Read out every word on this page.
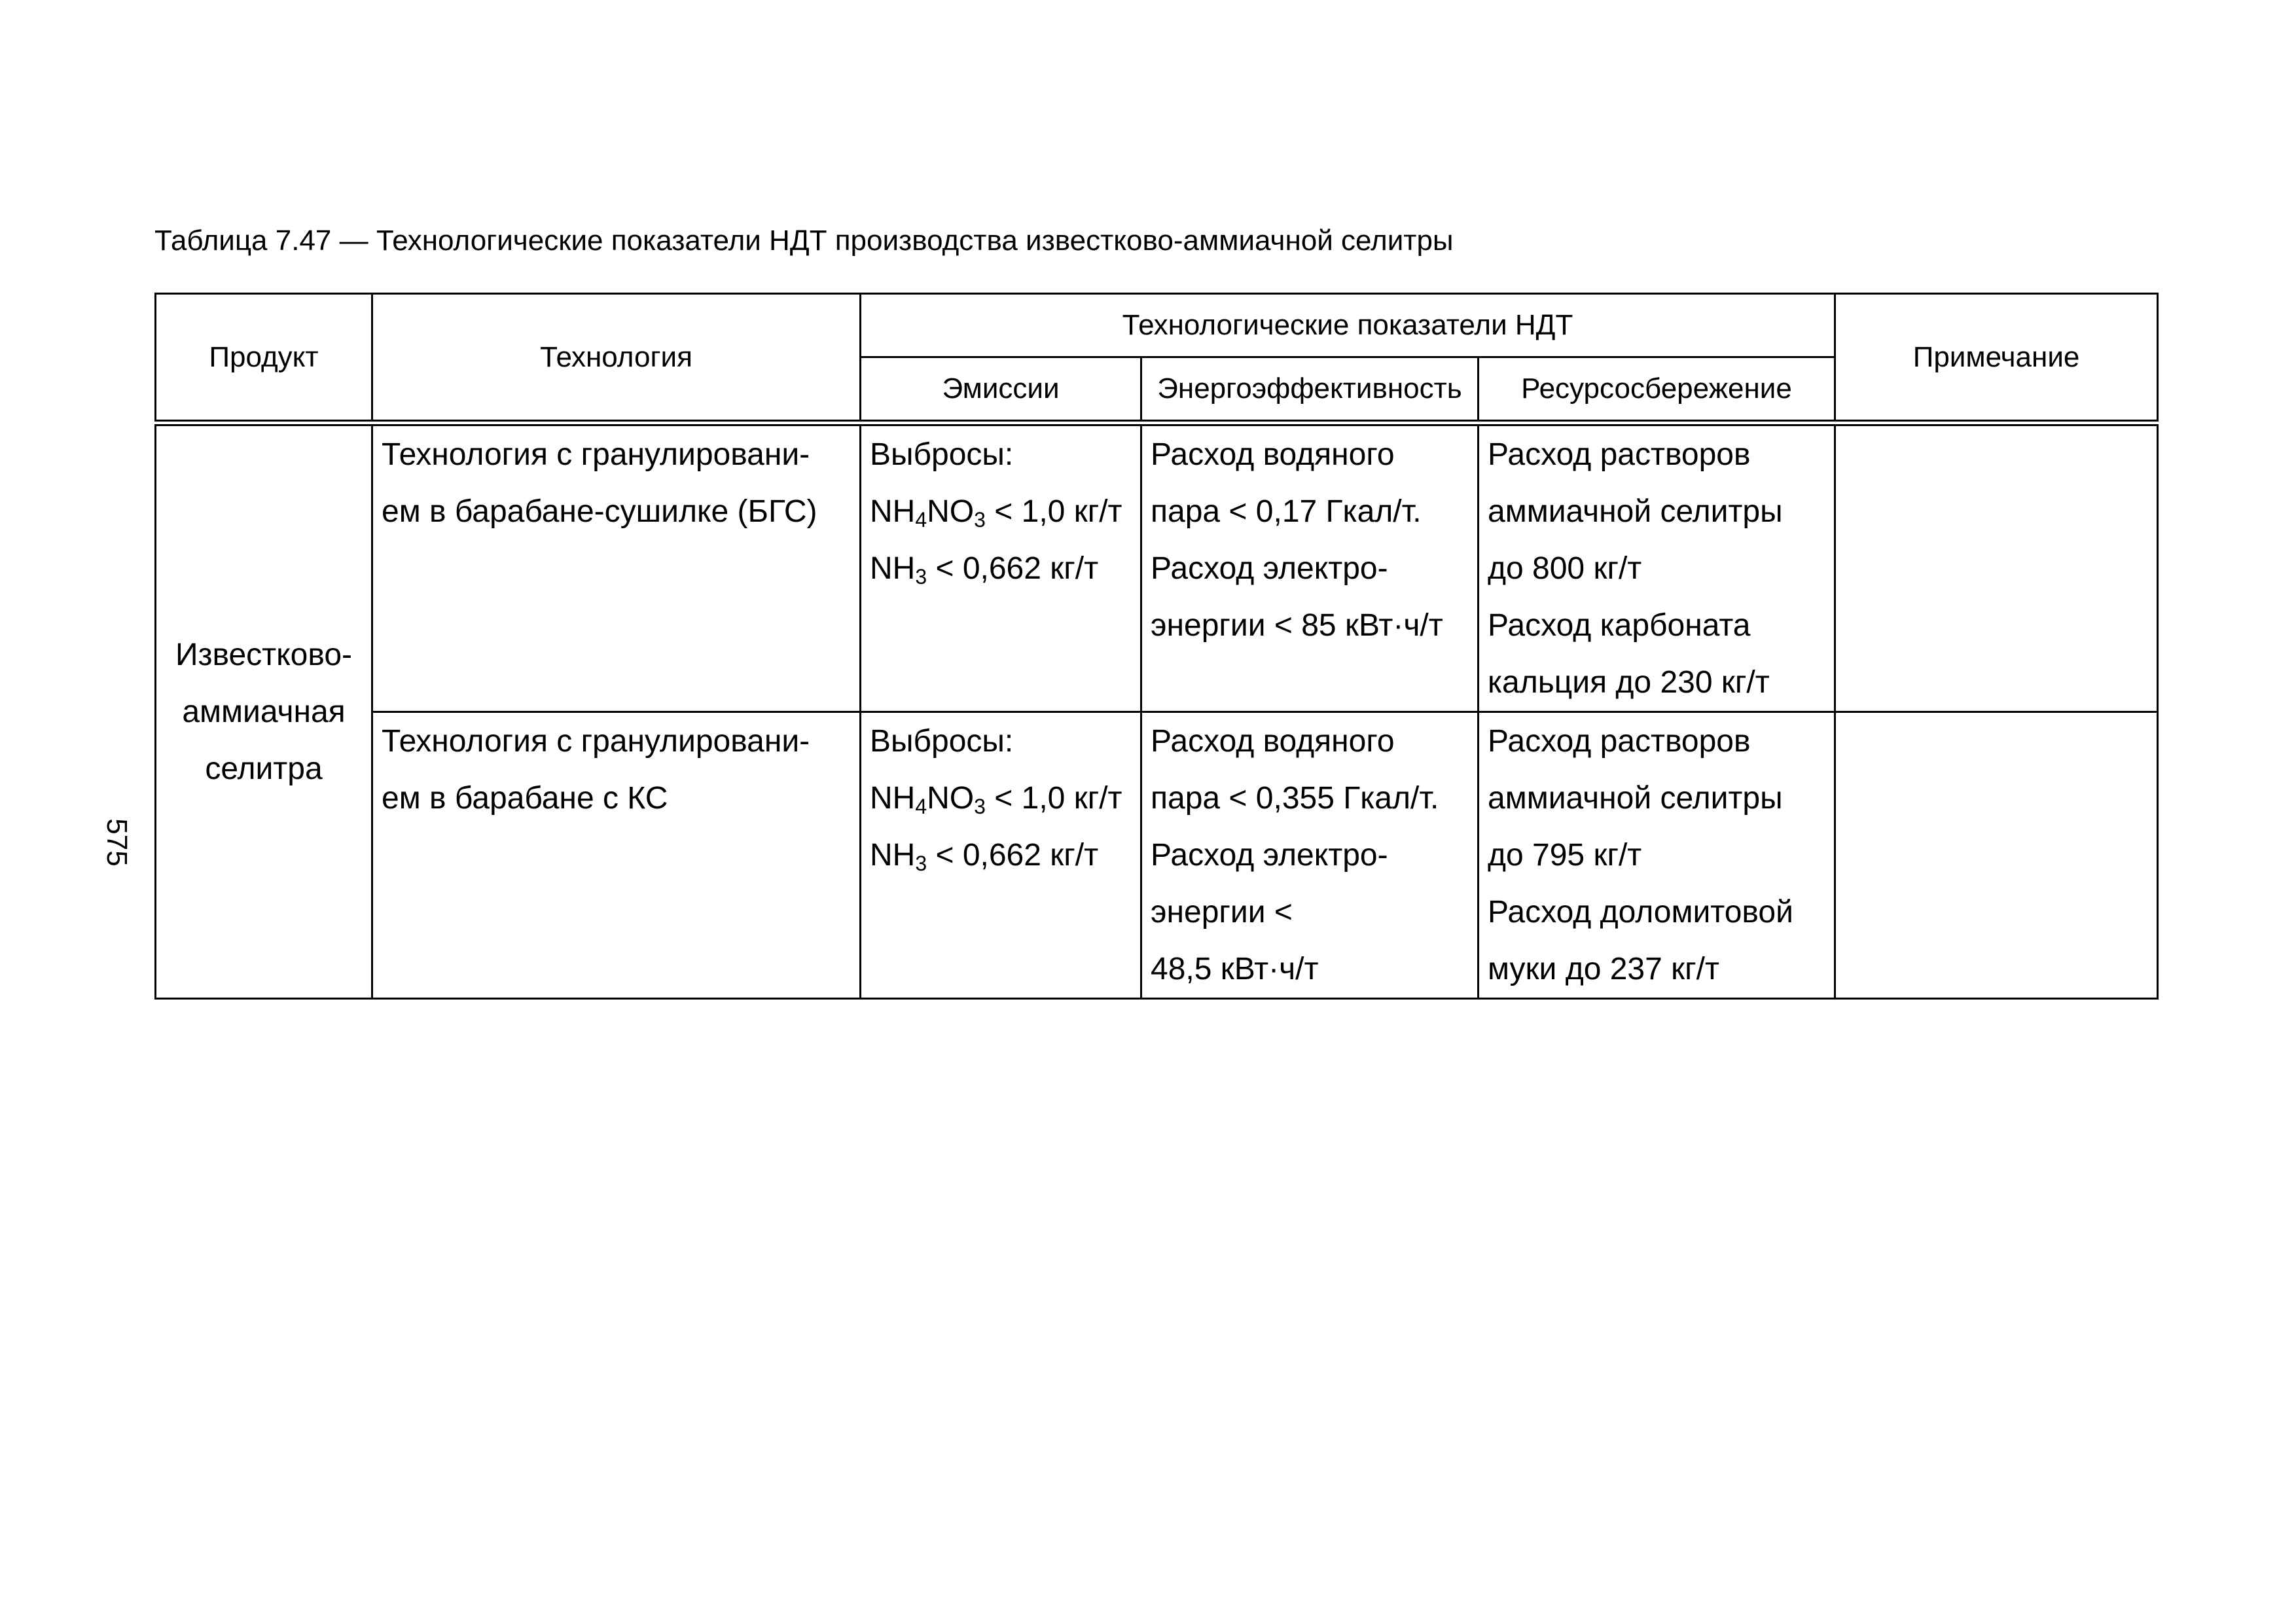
Таблица 7.47 — Технологические показатели НДТ производства известково-аммиачной селитры
575
Продукт	Технология	Технологические показатели НДТ			Примечание
		Эмиссии	Энергоэффективность	Ресурсосбережение	

Известково-
аммиачная
селитра	Технология с гранулировани-
ем в барабане-сушилке (БГС)	Выбросы:
$NH_4NO_3 < 1,0$ кг/т
$NH_3 < 0,662$ кг/т	Расход водяного
пара < 0,17 Гкал/т.
Расход электро-
энергии < 85 кВт·ч/т	Расход растворов
аммиачной селитры
до 800 кг/т
Расход карбоната
кальция до 230 кг/т	

	Технология с гранулировани-
ем в барабане с КС	Выбросы:
$NH_4NO_3 < 1,0$ кг/т
$NH_3 < 0,662$ кг/т	Расход водяного
пара < 0,355 Гкал/т.
Расход электро-
энергии <
48,5 кВт·ч/т	Расход растворов
аммиачной селитры
до 795 кг/т
Расход доломитовой
муки до 237 кг/т	
